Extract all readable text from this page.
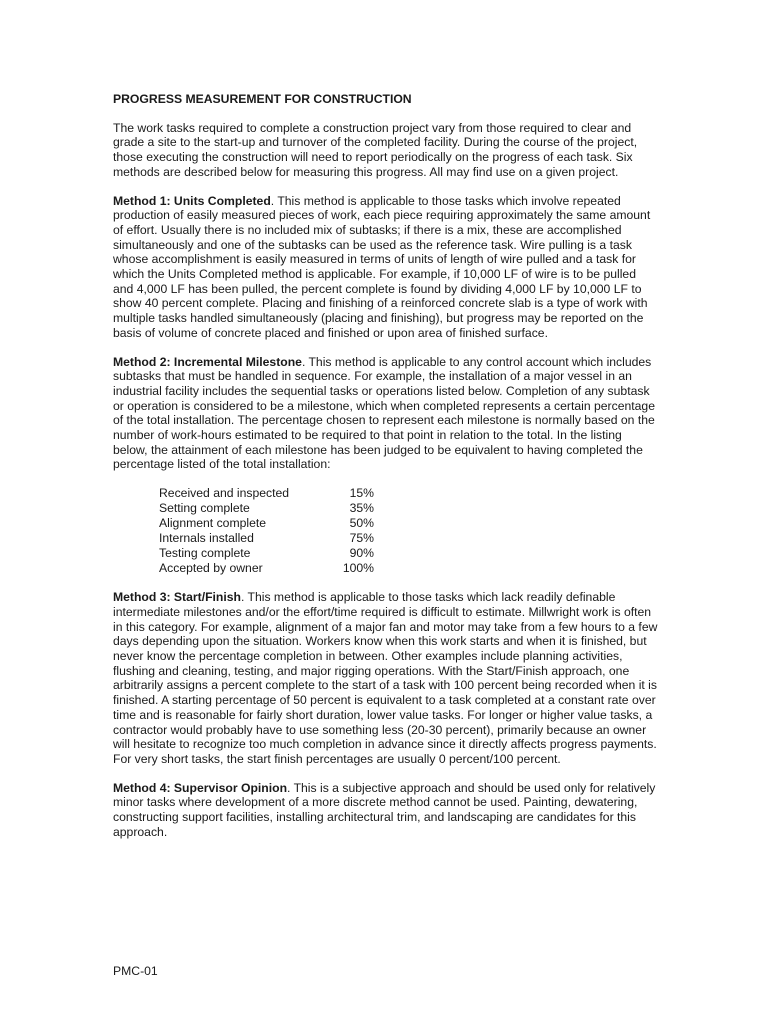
PROGRESS MEASUREMENT FOR CONSTRUCTION

The work tasks required to complete a construction project vary from those required to clear and grade a site to the start-up and turnover of the completed facility. During the course of the project, those executing the construction will need to report periodically on the progress of each task. Six methods are described below for measuring this progress. All may find use on a given project.

Method 1: Units Completed. This method is applicable to those tasks which involve repeated production of easily measured pieces of work, each piece requiring approximately the same amount of effort. Usually there is no included mix of subtasks; if there is a mix, these are accomplished simultaneously and one of the subtasks can be used as the reference task. Wire pulling is a task whose accomplishment is easily measured in terms of units of length of wire pulled and a task for which the Units Completed method is applicable. For example, if 10,000 LF of wire is to be pulled and 4,000 LF has been pulled, the percent complete is found by dividing 4,000 LF by 10,000 LF to show 40 percent complete. Placing and finishing of a reinforced concrete slab is a type of work with multiple tasks handled simultaneously (placing and finishing), but progress may be reported on the basis of volume of concrete placed and finished or upon area of finished surface.

Method 2: Incremental Milestone. This method is applicable to any control account which includes subtasks that must be handled in sequence. For example, the installation of a major vessel in an industrial facility includes the sequential tasks or operations listed below. Completion of any subtask or operation is considered to be a milestone, which when completed represents a certain percentage of the total installation. The percentage chosen to represent each milestone is normally based on the number of work-hours estimated to be required to that point in relation to the total. In the listing below, the attainment of each milestone has been judged to be equivalent to having completed the percentage listed of the total installation:

Received and inspected	15%
Setting complete	35%
Alignment complete	50%
Internals installed	75%
Testing complete	90%
Accepted by owner	100%

Method 3: Start/Finish. This method is applicable to those tasks which lack readily definable intermediate milestones and/or the effort/time required is difficult to estimate. Millwright work is often in this category. For example, alignment of a major fan and motor may take from a few hours to a few days depending upon the situation. Workers know when this work starts and when it is finished, but never know the percentage completion in between. Other examples include planning activities, flushing and cleaning, testing, and major rigging operations. With the Start/Finish approach, one arbitrarily assigns a percent complete to the start of a task with 100 percent being recorded when it is finished. A starting percentage of 50 percent is equivalent to a task completed at a constant rate over time and is reasonable for fairly short duration, lower value tasks. For longer or higher value tasks, a contractor would probably have to use something less (20-30 percent), primarily because an owner will hesitate to recognize too much completion in advance since it directly affects progress payments. For very short tasks, the start finish percentages are usually 0 percent/100 percent.

Method 4: Supervisor Opinion. This is a subjective approach and should be used only for relatively minor tasks where development of a more discrete method cannot be used. Painting, dewatering, constructing support facilities, installing architectural trim, and landscaping are candidates for this approach.

PMC-01
